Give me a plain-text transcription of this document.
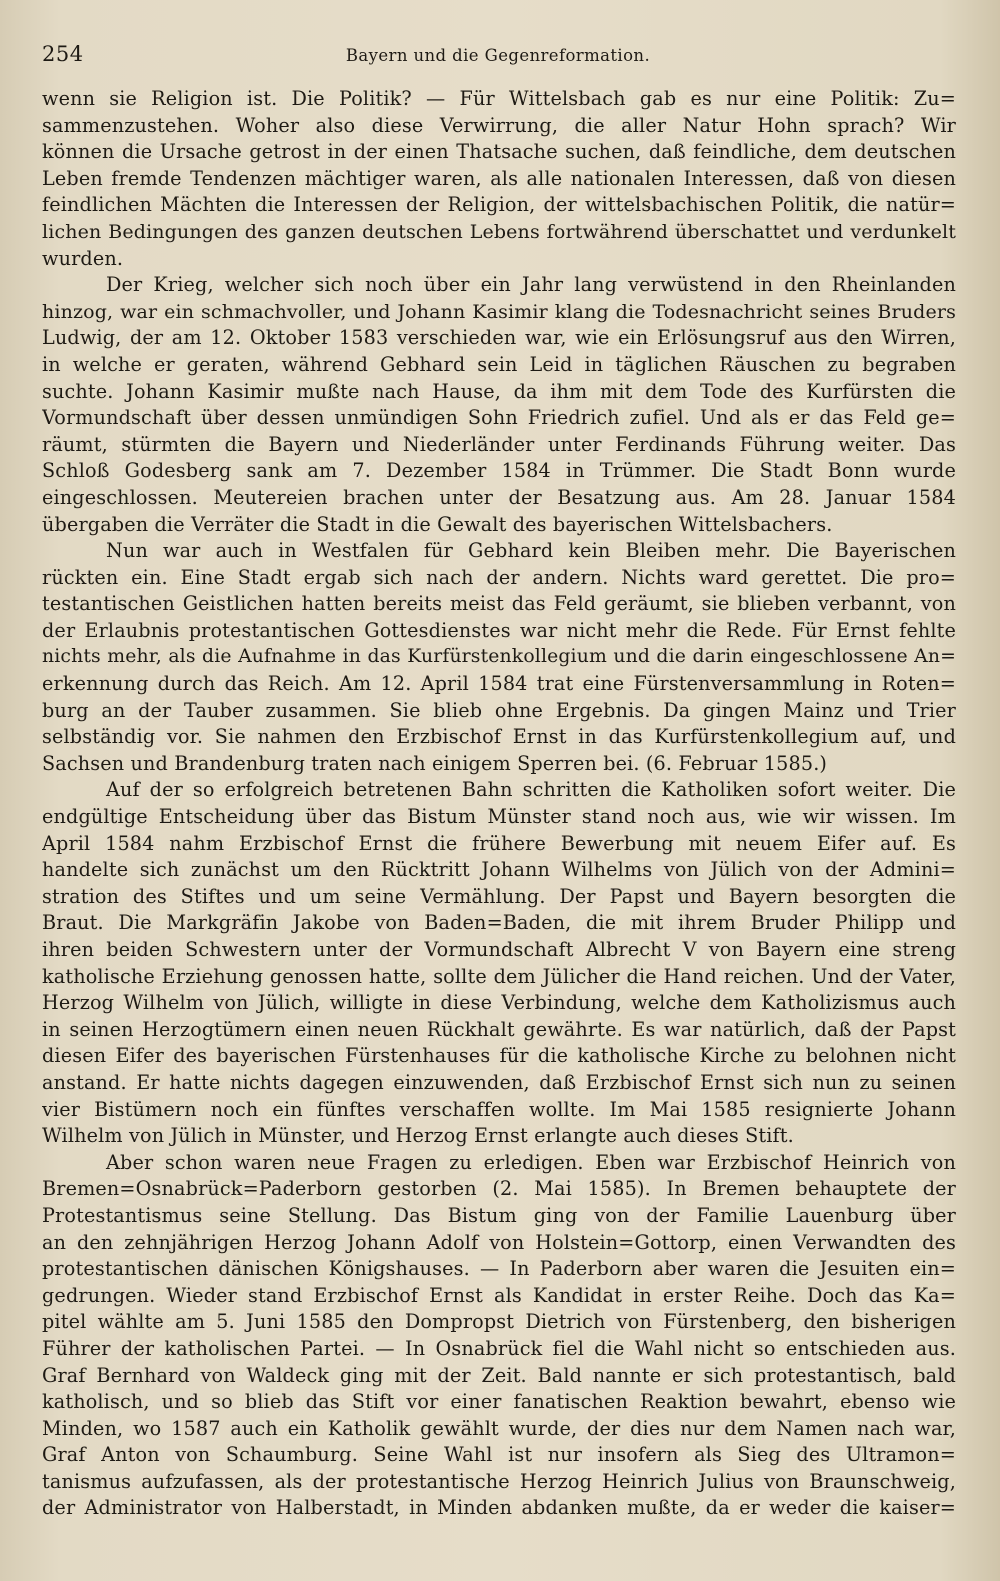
254	Bayern und die Gegenreformation.
wenn sie Religion ist. Die Politik? — Für Wittelsbach gab es nur eine Politik: Zu=
sammenzustehen. Woher also diese Verwirrung, die aller Natur Hohn sprach? Wir
können die Ursache getrost in der einen Thatsache suchen, daß feindliche, dem deutschen
Leben fremde Tendenzen mächtiger waren, als alle nationalen Interessen, daß von diesen
feindlichen Mächten die Interessen der Religion, der wittelsbachischen Politik, die natür=
lichen Bedingungen des ganzen deutschen Lebens fortwährend überschattet und verdunkelt
wurden.
Der Krieg, welcher sich noch über ein Jahr lang verwüstend in den Rheinlanden
hinzog, war ein schmachvoller, und Johann Kasimir klang die Todesnachricht seines Bruders
Ludwig, der am 12. Oktober 1583 verschieden war, wie ein Erlösungsruf aus den Wirren,
in welche er geraten, während Gebhard sein Leid in täglichen Räuschen zu begraben
suchte. Johann Kasimir mußte nach Hause, da ihm mit dem Tode des Kurfürsten die
Vormundschaft über dessen unmündigen Sohn Friedrich zufiel. Und als er das Feld ge=
räumt, stürmten die Bayern und Niederländer unter Ferdinands Führung weiter. Das
Schloß Godesberg sank am 7. Dezember 1584 in Trümmer. Die Stadt Bonn wurde
eingeschlossen. Meutereien brachen unter der Besatzung aus. Am 28. Januar 1584
übergaben die Verräter die Stadt in die Gewalt des bayerischen Wittelsbachers.
Nun war auch in Westfalen für Gebhard kein Bleiben mehr. Die Bayerischen
rückten ein. Eine Stadt ergab sich nach der andern. Nichts ward gerettet. Die pro=
testantischen Geistlichen hatten bereits meist das Feld geräumt, sie blieben verbannt, von
der Erlaubnis protestantischen Gottesdienstes war nicht mehr die Rede. Für Ernst fehlte
nichts mehr, als die Aufnahme in das Kurfürstenkollegium und die darin eingeschlossene An=
erkennung durch das Reich. Am 12. April 1584 trat eine Fürstenversammlung in Roten=
burg an der Tauber zusammen. Sie blieb ohne Ergebnis. Da gingen Mainz und Trier
selbständig vor. Sie nahmen den Erzbischof Ernst in das Kurfürstenkollegium auf, und
Sachsen und Brandenburg traten nach einigem Sperren bei. (6. Februar 1585.)
Auf der so erfolgreich betretenen Bahn schritten die Katholiken sofort weiter. Die
endgültige Entscheidung über das Bistum Münster stand noch aus, wie wir wissen. Im
April 1584 nahm Erzbischof Ernst die frühere Bewerbung mit neuem Eifer auf. Es
handelte sich zunächst um den Rücktritt Johann Wilhelms von Jülich von der Admini=
stration des Stiftes und um seine Vermählung. Der Papst und Bayern besorgten die
Braut. Die Markgräfin Jakobe von Baden=Baden, die mit ihrem Bruder Philipp und
ihren beiden Schwestern unter der Vormundschaft Albrecht V von Bayern eine streng
katholische Erziehung genossen hatte, sollte dem Jülicher die Hand reichen. Und der Vater,
Herzog Wilhelm von Jülich, willigte in diese Verbindung, welche dem Katholizismus auch
in seinen Herzogtümern einen neuen Rückhalt gewährte. Es war natürlich, daß der Papst
diesen Eifer des bayerischen Fürstenhauses für die katholische Kirche zu belohnen nicht
anstand. Er hatte nichts dagegen einzuwenden, daß Erzbischof Ernst sich nun zu seinen
vier Bistümern noch ein fünftes verschaffen wollte. Im Mai 1585 resignierte Johann
Wilhelm von Jülich in Münster, und Herzog Ernst erlangte auch dieses Stift.
Aber schon waren neue Fragen zu erledigen. Eben war Erzbischof Heinrich von
Bremen=Osnabrück=Paderborn gestorben (2. Mai 1585). In Bremen behauptete der
Protestantismus seine Stellung. Das Bistum ging von der Familie Lauenburg über
an den zehnjährigen Herzog Johann Adolf von Holstein=Gottorp, einen Verwandten des
protestantischen dänischen Königshauses. — In Paderborn aber waren die Jesuiten ein=
gedrungen. Wieder stand Erzbischof Ernst als Kandidat in erster Reihe. Doch das Ka=
pitel wählte am 5. Juni 1585 den Dompropst Dietrich von Fürstenberg, den bisherigen
Führer der katholischen Partei. — In Osnabrück fiel die Wahl nicht so entschieden aus.
Graf Bernhard von Waldeck ging mit der Zeit. Bald nannte er sich protestantisch, bald
katholisch, und so blieb das Stift vor einer fanatischen Reaktion bewahrt, ebenso wie
Minden, wo 1587 auch ein Katholik gewählt wurde, der dies nur dem Namen nach war,
Graf Anton von Schaumburg. Seine Wahl ist nur insofern als Sieg des Ultramon=
tanismus aufzufassen, als der protestantische Herzog Heinrich Julius von Braunschweig,
der Administrator von Halberstadt, in Minden abdanken mußte, da er weder die kaiser=
